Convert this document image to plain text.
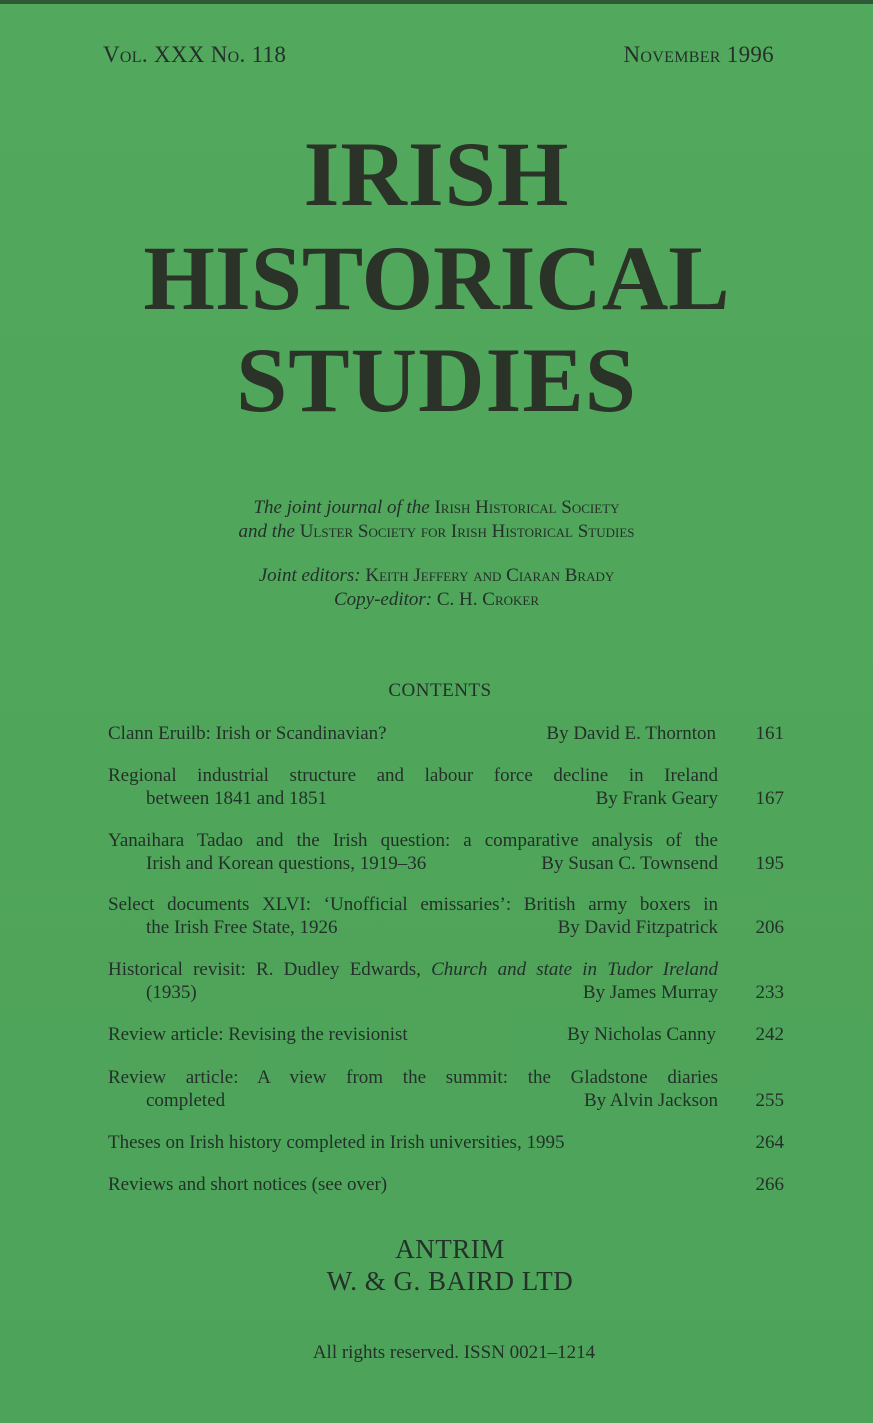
Vol. XXX No. 118	November 1996
IRISH
HISTORICAL
STUDIES
The joint journal of the Irish Historical Society
and the Ulster Society for Irish Historical Studies
Joint editors: Keith Jeffery and Ciaran Brady
Copy-editor: C. H. Croker
CONTENTS
Clann Eruilb: Irish or Scandinavian?	By David E. Thornton	161
Regional industrial structure and labour force decline in Ireland
between 1841 and 1851	By Frank Geary	167
Yanaihara Tadao and the Irish question: a comparative analysis of the
Irish and Korean questions, 1919–36	By Susan C. Townsend	195
Select documents XLVI: ‘Unofficial emissaries’: British army boxers in
the Irish Free State, 1926	By David Fitzpatrick	206
Historical revisit: R. Dudley Edwards, Church and state in Tudor Ireland
(1935)	By James Murray	233
Review article: Revising the revisionist	By Nicholas Canny	242
Review article: A view from the summit: the Gladstone diaries
completed	By Alvin Jackson	255
Theses on Irish history completed in Irish universities, 1995	264
Reviews and short notices (see over)	266
ANTRIM
W. & G. BAIRD LTD
All rights reserved. ISSN 0021–1214
